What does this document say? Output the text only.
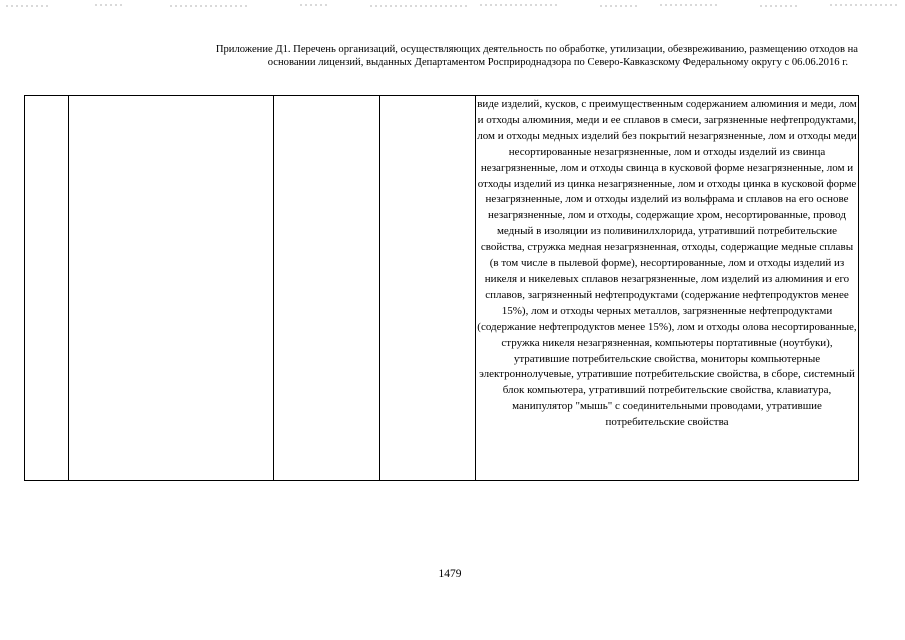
Приложение Д1. Перечень организаций, осуществляющих деятельность по обработке, утилизации, обезвреживанию, размещению отходов на
основании лицензий, выданных Департаментом Росприроднадзора по Северо-Кавказскому Федеральному округу с 06.06.2016 г.

виде изделий, кусков, с преимущественным содержанием алюминия и меди, лом и отходы алюминия, меди и ее сплавов в смеси, загрязненные нефтепродуктами, лом и отходы медных изделий без покрытий незагрязненные, лом и отходы меди несортированные незагрязненные, лом и отходы изделий из свинца незагрязненные, лом и отходы свинца в кусковой форме незагрязненные, лом и отходы изделий из цинка незагрязненные, лом и отходы цинка в кусковой форме незагрязненные, лом и отходы изделий из вольфрама и сплавов на его основе незагрязненные, лом и отходы, содержащие хром, несортированные, провод медный в изоляции из поливинилхлорида, утративший потребительские свойства, стружка медная незагрязненная, отходы, содержащие медные сплавы (в том числе в пылевой форме), несортированные, лом и отходы изделий из никеля и никелевых сплавов незагрязненные, лом изделий из алюминия и его сплавов, загрязненный нефтепродуктами (содержание нефтепродуктов менее 15%), лом и отходы черных металлов, загрязненные нефтепродуктами (содержание нефтепродуктов менее 15%), лом и отходы олова несортированные, стружка никеля незагрязненная, компьютеры портативные (ноутбуки), утратившие потребительские свойства, мониторы компьютерные электроннолучевые, утратившие потребительские свойства, в сборе, системный блок компьютера, утративший потребительские свойства, клавиатура, манипулятор "мышь" с соединительными проводами, утратившие потребительские свойства
1479
